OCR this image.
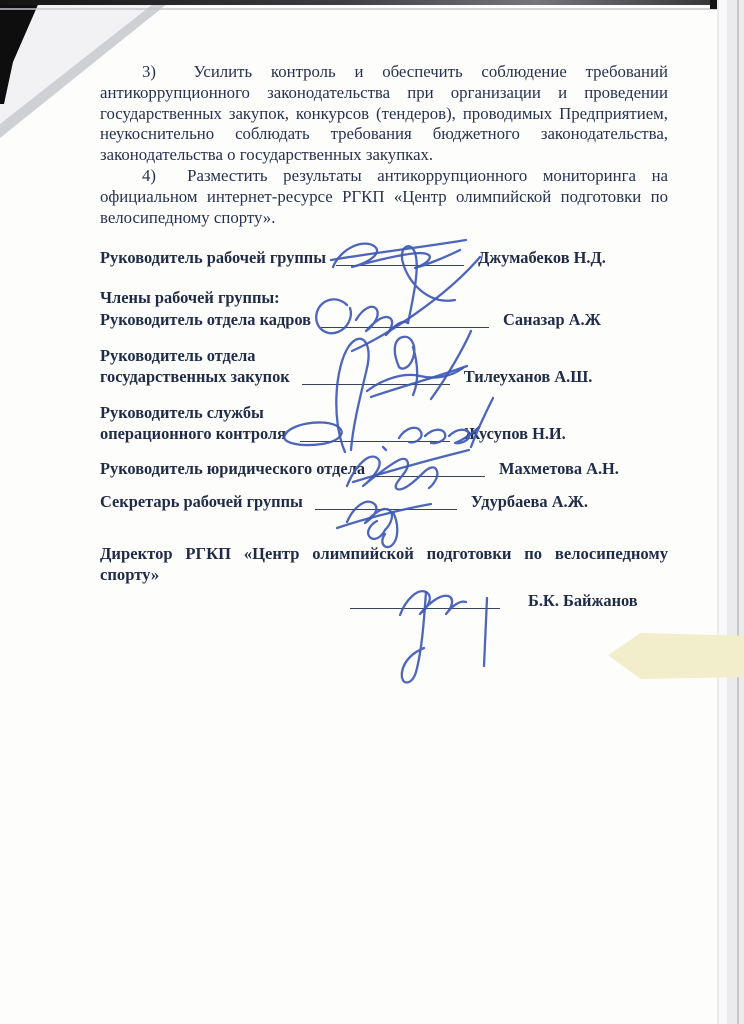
3)  Усилить контроль и обеспечить соблюдение требований антикоррупционного законодательства при организации и проведении государственных закупок, конкурсов (тендеров), проводимых Предприятием, неукоснительно соблюдать требования бюджетного законодательства, законодательства о государственных закупках.

4)  Разместить результаты антикоррупционного мониторинга на официальном интернет-ресурсе РГКП «Центр олимпийской подготовки по велосипедному спорту».

Руководитель рабочей группы	Джумабеков Н.Д.
Члены рабочей группы:
Руководитель отдела кадров	Саназар А.Ж
Руководитель отдела
государственных закупок	Тилеуханов А.Ш.
Руководитель службы
операционного контроля	Жусупов Н.И.
Руководитель юридического отдела	Махметова А.Н.
Секретарь рабочей группы	Удурбаева А.Ж.

Директор РГКП «Центр олимпийской подготовки по велосипедному спорту»

Б.К. Байжанов
